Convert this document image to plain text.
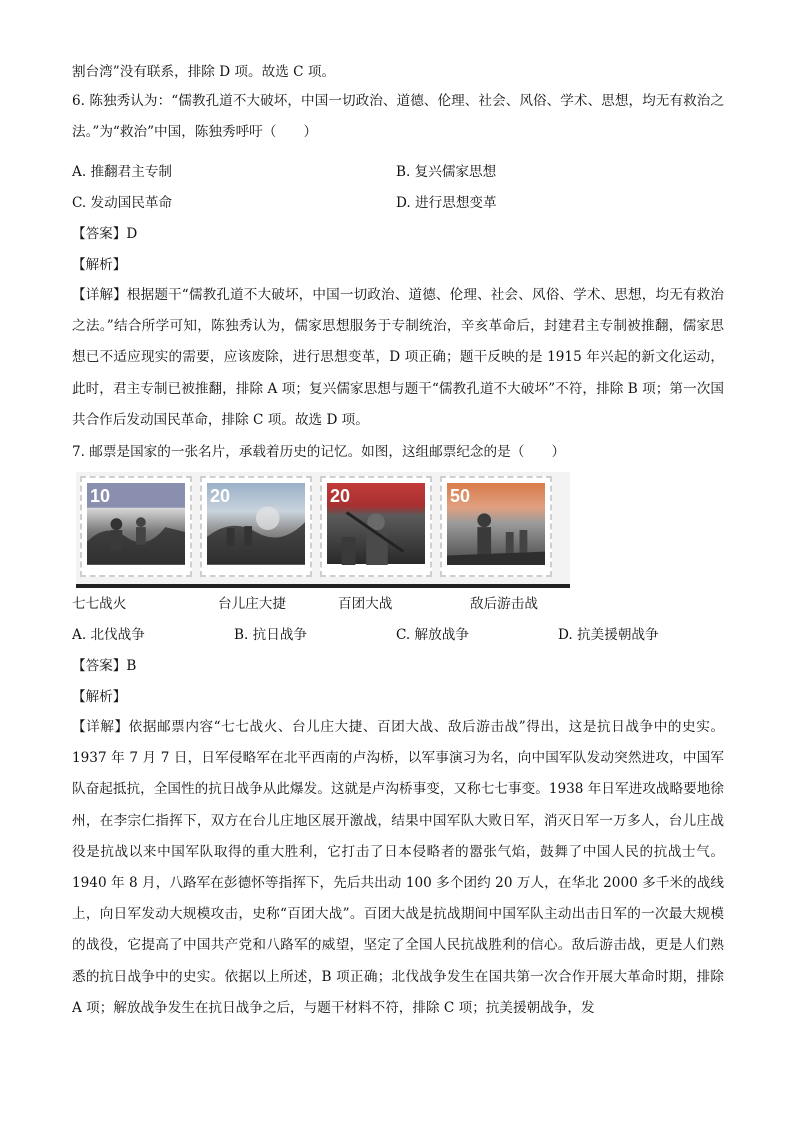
割台湾”没有联系，排除 D 项。故选 C 项。
6. 陈独秀认为：“儒教孔道不大破坏，中国一切政治、道德、伦理、社会、风俗、学术、思想，均无有救治之法。”为“救治”中国，陈独秀呼吁（　　）
A. 推翻君主专制	B. 复兴儒家思想
C. 发动国民革命	D. 进行思想变革
【答案】D
【解析】
【详解】根据题干“儒教孔道不大破坏，中国一切政治、道德、伦理、社会、风俗、学术、思想，均无有救治之法。”结合所学可知，陈独秀认为，儒家思想服务于专制统治，辛亥革命后，封建君主专制被推翻，儒家思想已不适应现实的需要，应该废除，进行思想变革，D 项正确；题干反映的是 1915 年兴起的新文化运动，此时，君主专制已被推翻，排除 A 项；复兴儒家思想与题干“儒教孔道不大破坏”不符，排除 B 项；第一次国共合作后发动国民革命，排除 C 项。故选 D 项。
7. 邮票是国家的一张名片，承载着历史的记忆。如图，这组邮票纪念的是（　　）
10	20	20	50
七七战火	台儿庄大捷	百团大战	敌后游击战
A. 北伐战争	B. 抗日战争	C. 解放战争	D. 抗美援朝战争
【答案】B
【解析】
【详解】依据邮票内容“七七战火、台儿庄大捷、百团大战、敌后游击战”得出，这是抗日战争中的史实。1937 年 7 月 7 日，日军侵略军在北平西南的卢沟桥，以军事演习为名，向中国军队发动突然进攻，中国军队奋起抵抗，全国性的抗日战争从此爆发。这就是卢沟桥事变，又称七七事变。1938 年日军进攻战略要地徐州，在李宗仁指挥下，双方在台儿庄地区展开激战，结果中国军队大败日军，消灭日军一万多人，台儿庄战役是抗战以来中国军队取得的重大胜利，它打击了日本侵略者的嚣张气焰，鼓舞了中国人民的抗战士气。1940 年 8 月，八路军在彭德怀等指挥下，先后共出动 100 多个团约 20 万人，在华北 2000 多千米的战线上，向日军发动大规模攻击，史称“百团大战”。百团大战是抗战期间中国军队主动出击日军的一次最大规模的战役，它提高了中国共产党和八路军的威望，坚定了全国人民抗战胜利的信心。敌后游击战，更是人们熟悉的抗日战争中的史实。依据以上所述，B 项正确；北伐战争发生在国共第一次合作开展大革命时期，排除 A 项；解放战争发生在抗日战争之后，与题干材料不符，排除 C 项；抗美援朝战争，发
